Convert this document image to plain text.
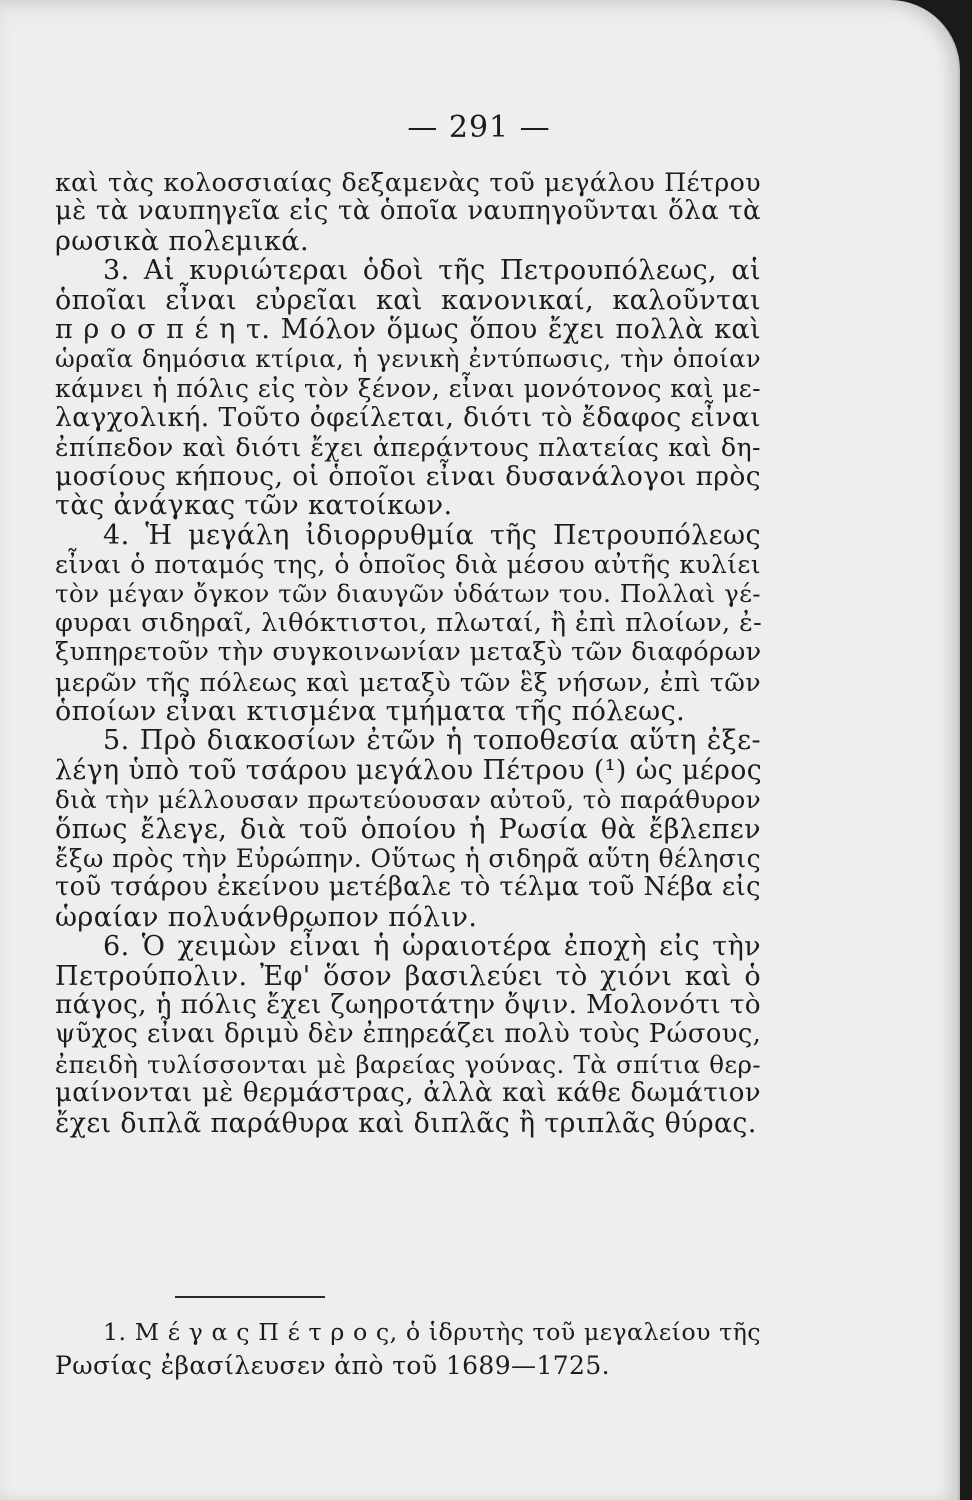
— 291 —
καὶ τὰς κολοσσιαίας δεξαμενὰς τοῦ μεγάλου Πέτρου
μὲ τὰ ναυπηγεῖα εἰς τὰ ὁποῖα ναυπηγοῦνται ὅλα τὰ
ρωσικὰ πολεμικά.
3. Αἱ κυριώτεραι ὁδοὶ τῆς Πετρουπόλεως, αἱ
ὁποῖαι εἶναι εὐρεῖαι καὶ κανονικαί, καλοῦνται
π ρ ο σ π έ η τ. Μόλον ὅμως ὅπου ἔχει πολλὰ καὶ
ὡραῖα δημόσια κτίρια, ἡ γενικὴ ἐντύπωσις, τὴν ὁποίαν
κάμνει ἡ πόλις εἰς τὸν ξένον, εἶναι μονότονος καὶ με-
λαγχολική. Τοῦτο ὀφείλεται, διότι τὸ ἔδαφος εἶναι
ἐπίπεδον καὶ διότι ἔχει ἀπεράντους πλατείας καὶ δη-
μοσίους κήπους, οἱ ὁποῖοι εἶναι δυσανάλογοι πρὸς
τὰς ἀνάγκας τῶν κατοίκων.
4. Ἡ μεγάλη ἰδιορρυθμία τῆς Πετρουπόλεως
εἶναι ὁ ποταμός της, ὁ ὁποῖος διὰ μέσου αὐτῆς κυλίει
τὸν μέγαν ὄγκον τῶν διαυγῶν ὑδάτων του. Πολλαὶ γέ-
φυραι σιδηραῖ, λιθόκτιστοι, πλωταί, ἢ ἐπὶ πλοίων, ἐ-
ξυπηρετοῦν τὴν συγκοινωνίαν μεταξὺ τῶν διαφόρων
μερῶν τῆς πόλεως καὶ μεταξὺ τῶν ἓξ νήσων, ἐπὶ τῶν
ὁποίων εἶναι κτισμένα τμήματα τῆς πόλεως.
5. Πρὸ διακοσίων ἐτῶν ἡ τοποθεσία αὕτη ἐξε-
λέγη ὑπὸ τοῦ τσάρου μεγάλου Πέτρου (¹) ὡς μέρος
διὰ τὴν μέλλουσαν πρωτεύουσαν αὐτοῦ, τὸ παράθυρον
ὅπως ἔλεγε, διὰ τοῦ ὁποίου ἡ Ρωσία θὰ ἔβλεπεν
ἔξω πρὸς τὴν Εὐρώπην. Οὕτως ἡ σιδηρᾶ αὕτη θέλησις
τοῦ τσάρου ἐκείνου μετέβαλε τὸ τέλμα τοῦ Νέβα εἰς
ὡραίαν πολυάνθρωπον πόλιν.
6. Ὁ χειμὼν εἶναι ἡ ὡραιοτέρα ἐποχὴ εἰς τὴν
Πετρούπολιν. Ἐφ' ὅσον βασιλεύει τὸ χιόνι καὶ ὁ
πάγος, ἡ πόλις ἔχει ζωηροτάτην ὄψιν. Μολονότι τὸ
ψῦχος εἶναι δριμὺ δὲν ἐπηρεάζει πολὺ τοὺς Ρώσους,
ἐπειδὴ τυλίσσονται μὲ βαρείας γούνας. Τὰ σπίτια θερ-
μαίνονται μὲ θερμάστρας, ἀλλὰ καὶ κάθε δωμάτιον
ἔχει διπλᾶ παράθυρα καὶ διπλᾶς ἢ τριπλᾶς θύρας.
1. Μ έ γ α ς Π έ τ ρ ο ς, ὁ ἱδρυτὴς τοῦ μεγαλείου τῆς
Ρωσίας ἐβασίλευσεν ἀπὸ τοῦ 1689—1725.
